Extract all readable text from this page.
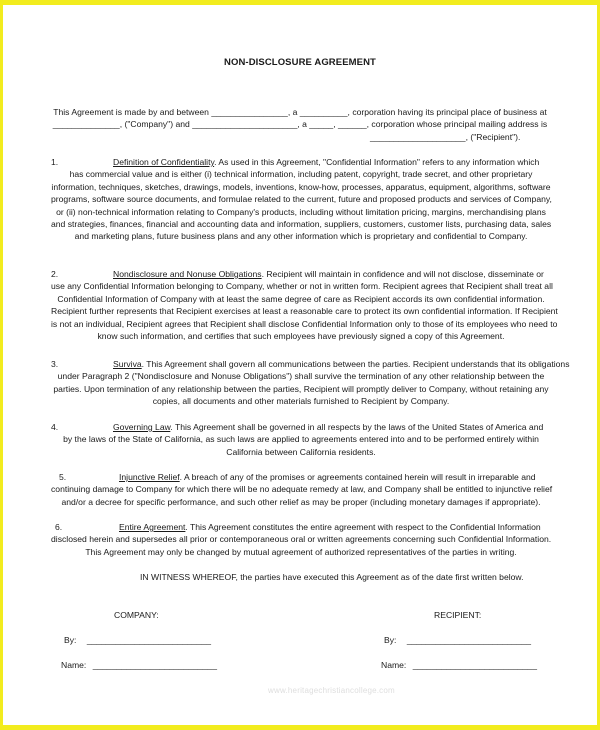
NON-DISCLOSURE AGREEMENT

This Agreement is made by and between ________________, a __________, corporation having its principal place of business at

______________, ("Company") and ______________________, a _____, ______, corporation whose principal mailing address is

____________________, ("Recipient").

1.	Definition of Confidentiality. As used in this Agreement, "Confidential Information" refers to any information which

has commercial value and is either (i) technical information, including patent, copyright, trade secret, and other proprietary

information, techniques, sketches, drawings, models, inventions, know-how, processes, apparatus, equipment, algorithms, software

programs, software source documents, and formulae related to the current, future and proposed products and services of Company,

or (ii) non-technical information relating to Company's products, including without limitation pricing, margins, merchandising plans

and strategies, finances, financial and accounting data and information, suppliers, customers, customer lists, purchasing data, sales

and marketing plans, future business plans and any other information which is proprietary and confidential to Company.

2.	Nondisclosure and Nonuse Obligations. Recipient will maintain in confidence and will not disclose, disseminate or

use any Confidential Information belonging to Company, whether or not in written form. Recipient agrees that Recipient shall treat all

Confidential Information of Company with at least the same degree of care as Recipient accords its own confidential information.

Recipient further represents that Recipient exercises at least a reasonable care to protect its own confidential information. If Recipient

is not an individual, Recipient agrees that Recipient shall disclose Confidential Information only to those of its employees who need to

know such information, and certifies that such employees have previously signed a copy of this Agreement.

3.	Surviva. This Agreement shall govern all communications between the parties. Recipient understands that its obligations

under Paragraph 2 ("Nondisclosure and Nonuse Obligations") shall survive the termination of any other relationship between the

parties. Upon termination of any relationship between the parties, Recipient will promptly deliver to Company, without retaining any

copies, all documents and other materials furnished to Recipient by Company.

4.	Governing Law. This Agreement shall be governed in all respects by the laws of the United States of America and

by the laws of the State of California, as such laws are applied to agreements entered into and to be performed entirely within

California between California residents.

5.	Injunctive Relief. A breach of any of the promises or agreements contained herein will result in irreparable and

continuing damage to Company for which there will be no adequate remedy at law, and Company shall be entitled to injunctive relief

and/or a decree for specific performance, and such other relief as may be proper (including monetary damages if appropriate).

6.	Entire Agreement. This Agreement constitutes the entire agreement with respect to the Confidential Information

disclosed herein and supersedes all prior or contemporaneous oral or written agreements concerning such Confidential Information.

This Agreement may only be changed by mutual agreement of authorized representatives of the parties in writing.

IN WITNESS WHEREOF, the parties have executed this Agreement as of the date first written below.

COMPANY:	RECIPIENT:
By: __________________________	By: __________________________
Name: __________________________	Name: __________________________
www.heritagechristiancollege.com
